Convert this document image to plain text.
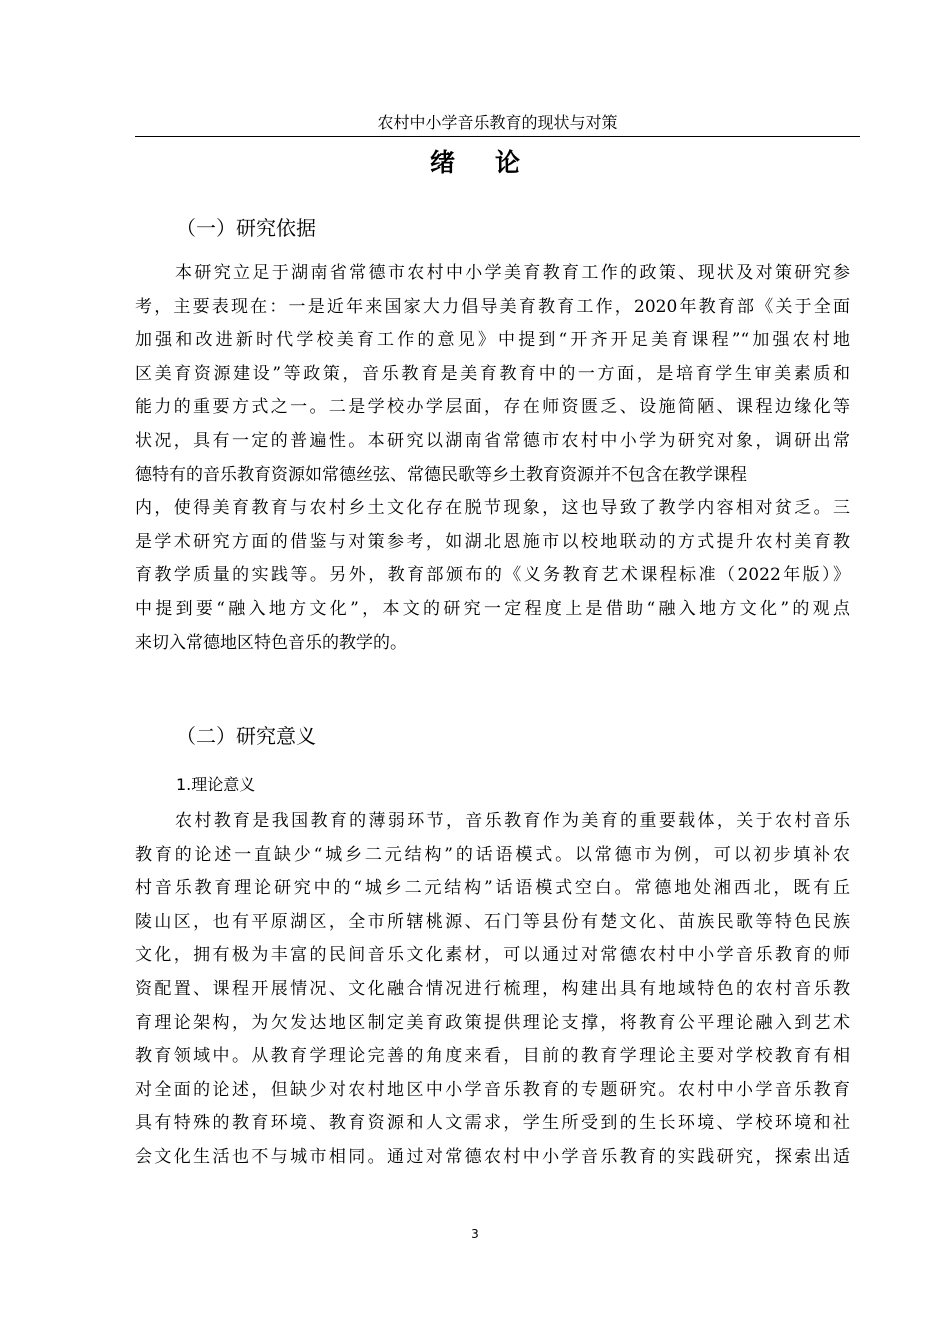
农村中小学音乐教育的现状与对策
绪论
（一）研究依据
本研究立足于湖南省常德市农村中小学美育教育工作的政策、现状及对策研究参
考，主要表现在：一是近年来国家大力倡导美育教育工作，2020年教育部《关于全面
加强和改进新时代学校美育工作的意见》中提到“开齐开足美育课程”“加强农村地
区美育资源建设”等政策，音乐教育是美育教育中的一方面，是培育学生审美素质和
能力的重要方式之一。二是学校办学层面，存在师资匮乏、设施简陋、课程边缘化等
状况，具有一定的普遍性。本研究以湖南省常德市农村中小学为研究对象，调研出常
德特有的音乐教育资源如常德丝弦、常德民歌等乡土教育资源并不包含在教学课程
内，使得美育教育与农村乡土文化存在脱节现象，这也导致了教学内容相对贫乏。三
是学术研究方面的借鉴与对策参考，如湖北恩施市以校地联动的方式提升农村美育教
育教学质量的实践等。另外，教育部颁布的《义务教育艺术课程标准（2022年版）》
中提到要“融入地方文化”，本文的研究一定程度上是借助“融入地方文化”的观点
来切入常德地区特色音乐的教学的。
（二）研究意义
1.理论意义
农村教育是我国教育的薄弱环节，音乐教育作为美育的重要载体，关于农村音乐
教育的论述一直缺少“城乡二元结构”的话语模式。以常德市为例，可以初步填补农
村音乐教育理论研究中的“城乡二元结构”话语模式空白。常德地处湘西北，既有丘
陵山区，也有平原湖区，全市所辖桃源、石门等县份有楚文化、苗族民歌等特色民族
文化，拥有极为丰富的民间音乐文化素材，可以通过对常德农村中小学音乐教育的师
资配置、课程开展情况、文化融合情况进行梳理，构建出具有地域特色的农村音乐教
育理论架构，为欠发达地区制定美育政策提供理论支撑，将教育公平理论融入到艺术
教育领域中。从教育学理论完善的角度来看，目前的教育学理论主要对学校教育有相
对全面的论述，但缺少对农村地区中小学音乐教育的专题研究。农村中小学音乐教育
具有特殊的教育环境、教育资源和人文需求，学生所受到的生长环境、学校环境和社
会文化生活也不与城市相同。通过对常德农村中小学音乐教育的实践研究，探索出适
3
